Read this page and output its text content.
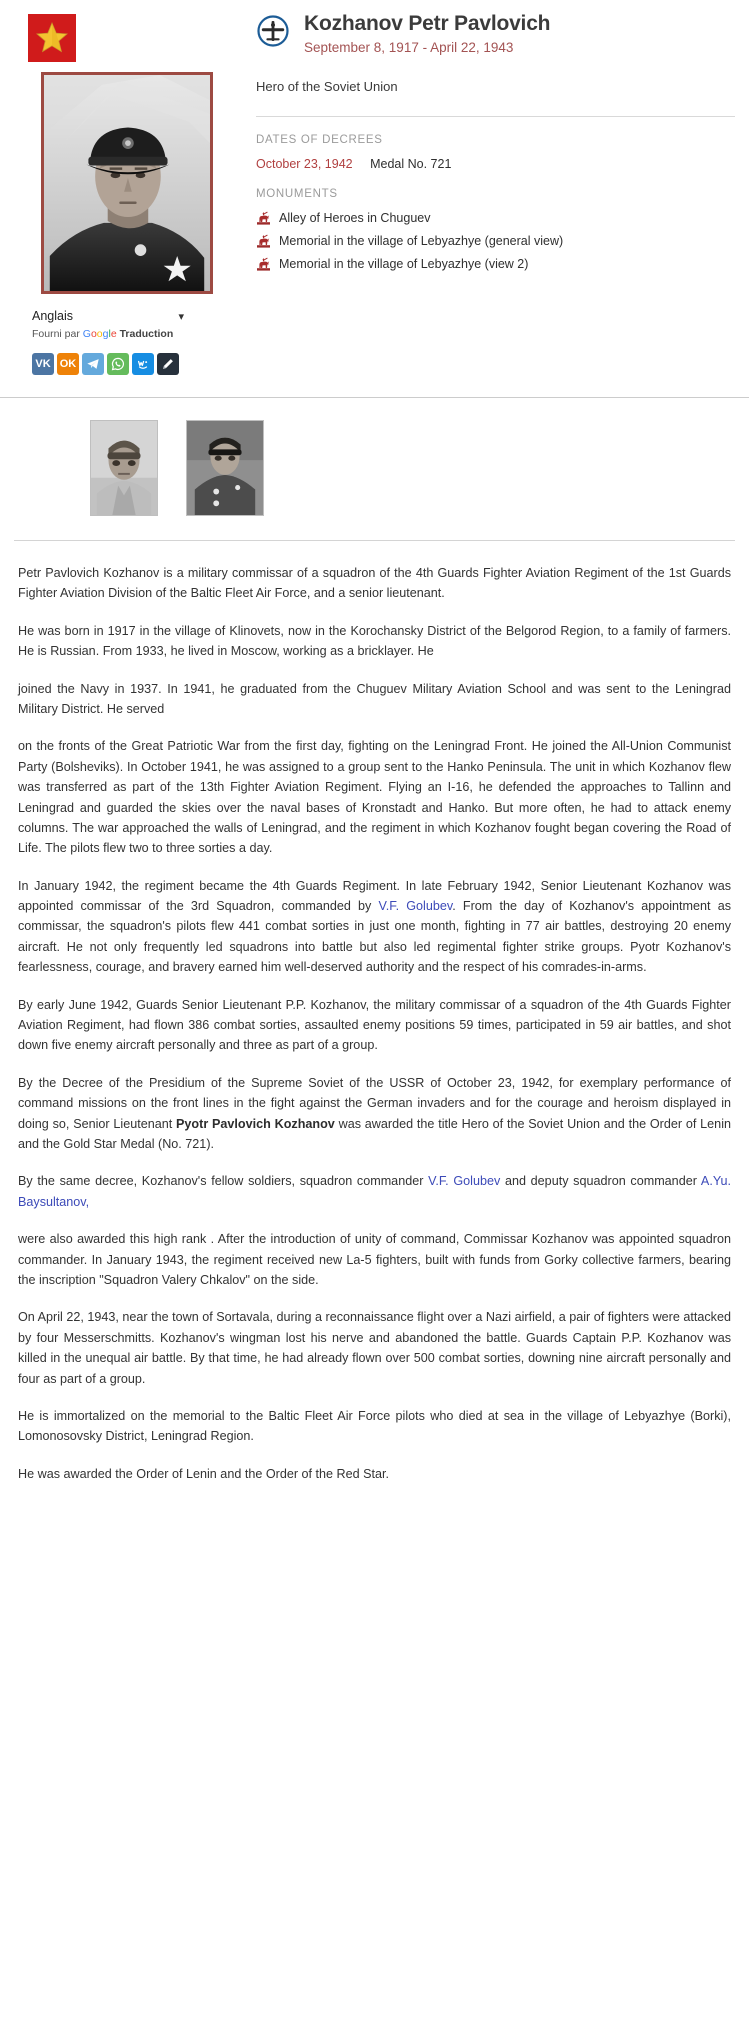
Anglais	▾
Fourni par Google Traduction
VK OK
Kozhanov Petr Pavlovich
September 8, 1917 - April 22, 1943
Hero of the Soviet Union
DATES OF DECREES
October 23, 1942 Medal No. 721
MONUMENTS
Alley of Heroes in Chuguev
Memorial in the village of Lebyazhye (general view)
Memorial in the village of Lebyazhye (view 2)

Petr Pavlovich Kozhanov is a military commissar of a squadron of the 4th Guards Fighter Aviation Regiment of the 1st Guards Fighter Aviation Division of the Baltic Fleet Air Force, and a senior lieutenant.

He was born in 1917 in the village of Klinovets, now in the Korochansky District of the Belgorod Region, to a family of farmers. He is Russian. From 1933, he lived in Moscow, working as a bricklayer. He

joined the Navy in 1937. In 1941, he graduated from the Chuguev Military Aviation School and was sent to the Leningrad Military District. He served

on the fronts of the Great Patriotic War from the first day, fighting on the Leningrad Front. He joined the All-Union Communist Party (Bolsheviks). In October 1941, he was assigned to a group sent to the Hanko Peninsula. The unit in which Kozhanov flew was transferred as part of the 13th Fighter Aviation Regiment. Flying an I-16, he defended the approaches to Tallinn and Leningrad and guarded the skies over the naval bases of Kronstadt and Hanko. But more often, he had to attack enemy columns. The war approached the walls of Leningrad, and the regiment in which Kozhanov fought began covering the Road of Life. The pilots flew two to three sorties a day.

In January 1942, the regiment became the 4th Guards Regiment. In late February 1942, Senior Lieutenant Kozhanov was appointed commissar of the 3rd Squadron, commanded by V.F. Golubev. From the day of Kozhanov's appointment as commissar, the squadron's pilots flew 441 combat sorties in just one month, fighting in 77 air battles, destroying 20 enemy aircraft. He not only frequently led squadrons into battle but also led regimental fighter strike groups. Pyotr Kozhanov's fearlessness, courage, and bravery earned him well-deserved authority and the respect of his comrades-in-arms.

By early June 1942, Guards Senior Lieutenant P.P. Kozhanov, the military commissar of a squadron of the 4th Guards Fighter Aviation Regiment, had flown 386 combat sorties, assaulted enemy positions 59 times, participated in 59 air battles, and shot down five enemy aircraft personally and three as part of a group.

By the Decree of the Presidium of the Supreme Soviet of the USSR of October 23, 1942, for exemplary performance of command missions on the front lines in the fight against the German invaders and for the courage and heroism displayed in doing so, Senior Lieutenant Pyotr Pavlovich Kozhanov was awarded the title Hero of the Soviet Union and the Order of Lenin and the Gold Star Medal (No. 721).

By the same decree, Kozhanov's fellow soldiers, squadron commander V.F. Golubev and deputy squadron commander A.Yu. Baysultanov,

were also awarded this high rank . After the introduction of unity of command, Commissar Kozhanov was appointed squadron commander. In January 1943, the regiment received new La-5 fighters, built with funds from Gorky collective farmers, bearing the inscription "Squadron Valery Chkalov" on the side.

On April 22, 1943, near the town of Sortavala, during a reconnaissance flight over a Nazi airfield, a pair of fighters were attacked by four Messerschmitts. Kozhanov's wingman lost his nerve and abandoned the battle. Guards Captain P.P. Kozhanov was killed in the unequal air battle. By that time, he had already flown over 500 combat sorties, downing nine aircraft personally and four as part of a group.

He is immortalized on the memorial to the Baltic Fleet Air Force pilots who died at sea in the village of Lebyazhye (Borki), Lomonosovsky District, Leningrad Region.

He was awarded the Order of Lenin and the Order of the Red Star.
